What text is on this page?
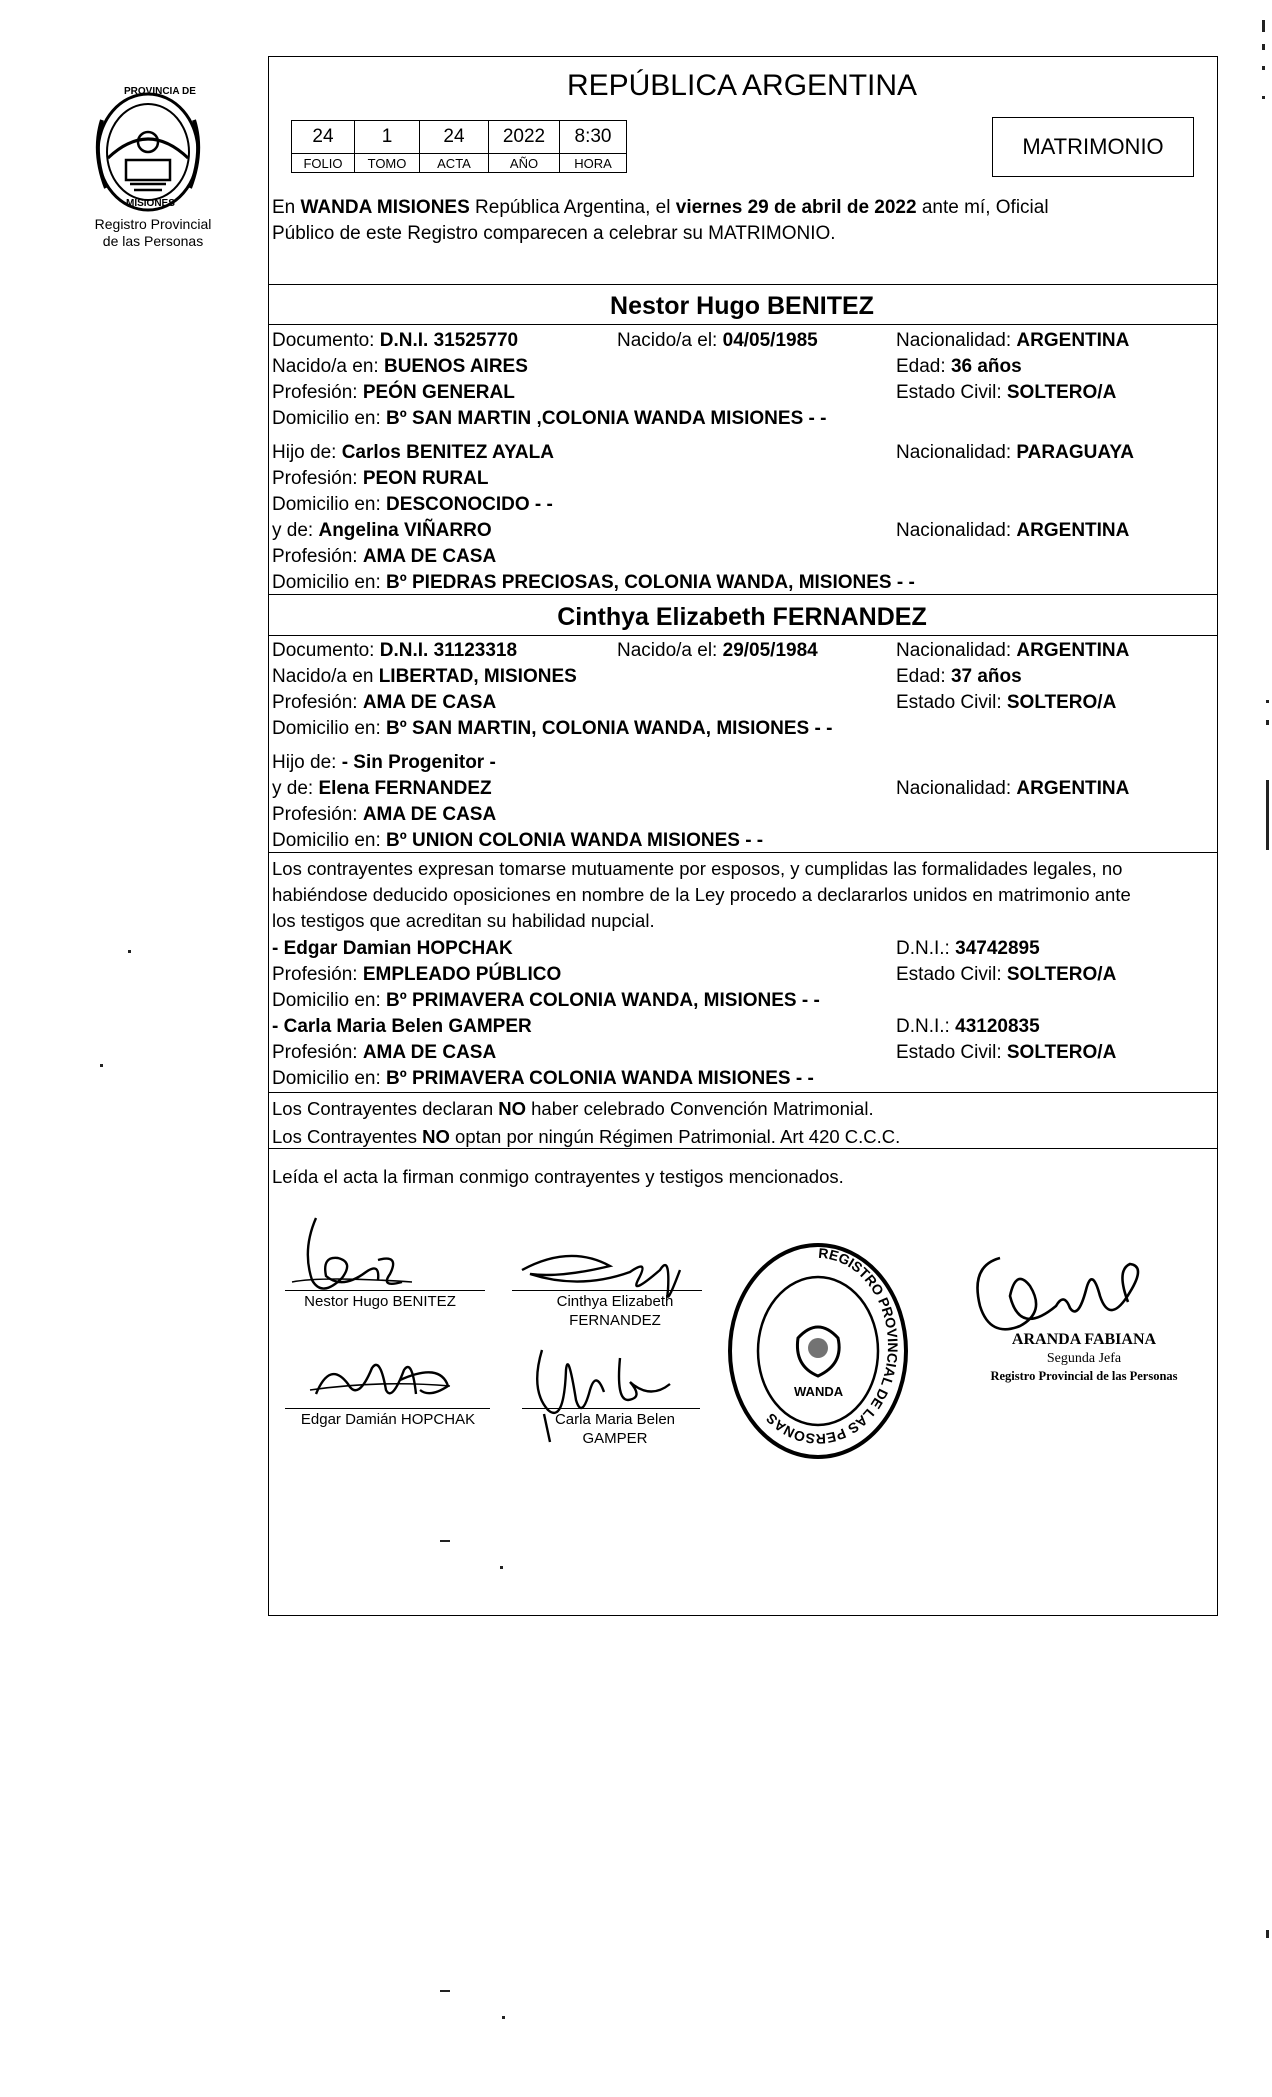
PROVINCIA DE
MISIONES
Registro Provincial
de las Personas
REPÚBLICA ARGENTINA
24	1	24	2022	8:30
FOLIO	TOMO	ACTA	AÑO	HORA
MATRIMONIO
En WANDA MISIONES República Argentina, el viernes 29 de abril de 2022 ante mí, Oficial
Público de este Registro comparecen a celebrar su MATRIMONIO.
Nestor Hugo BENITEZ
Documento: D.N.I. 31525770	Nacido/a el: 04/05/1985	Nacionalidad: ARGENTINA
Nacido/a en: BUENOS AIRES	Edad: 36 años
Profesión: PEÓN GENERAL	Estado Civil: SOLTERO/A
Domicilio en: Bº SAN MARTIN ,COLONIA WANDA MISIONES - -
Hijo de: Carlos BENITEZ AYALA	Nacionalidad: PARAGUAYA
Profesión: PEON RURAL
Domicilio en: DESCONOCIDO - -
y de: Angelina VIÑARRO	Nacionalidad: ARGENTINA
Profesión: AMA DE CASA
Domicilio en: Bº PIEDRAS PRECIOSAS, COLONIA WANDA, MISIONES - -
Cinthya Elizabeth FERNANDEZ
Documento: D.N.I. 31123318	Nacido/a el: 29/05/1984	Nacionalidad: ARGENTINA
Nacido/a en LIBERTAD, MISIONES	Edad: 37 años
Profesión: AMA DE CASA	Estado Civil: SOLTERO/A
Domicilio en: Bº SAN MARTIN, COLONIA WANDA, MISIONES - -
Hijo de: - Sin Progenitor -
y de: Elena FERNANDEZ	Nacionalidad: ARGENTINA
Profesión: AMA DE CASA
Domicilio en: Bº UNION COLONIA WANDA MISIONES - -
Los contrayentes expresan tomarse mutuamente por esposos, y cumplidas las formalidades legales, no
habiéndose deducido oposiciones en nombre de la Ley procedo a declararlos unidos en matrimonio ante
los testigos que acreditan su habilidad nupcial.
- Edgar Damian HOPCHAK	D.N.I.: 34742895
Profesión: EMPLEADO PÚBLICO	Estado Civil: SOLTERO/A
Domicilio en: Bº PRIMAVERA COLONIA WANDA, MISIONES - -
- Carla Maria Belen GAMPER	D.N.I.: 43120835
Profesión: AMA DE CASA	Estado Civil: SOLTERO/A
Domicilio en: Bº PRIMAVERA COLONIA WANDA MISIONES - -
Los Contrayentes declaran NO haber celebrado Convención Matrimonial.
Los Contrayentes NO optan por ningún Régimen Patrimonial. Art 420 C.C.C.
Leída el acta la firman conmigo contrayentes y testigos mencionados.
Nestor Hugo BENITEZ	Cinthya Elizabeth
FERNANDEZ
Edgar Damián HOPCHAK	Carla Maria Belen
GAMPER
REGISTRO PROVINCIAL DE LAS PERSONAS
WANDA
ARANDA FABIANA
Segunda Jefa
Registro Provincial de las Personas
